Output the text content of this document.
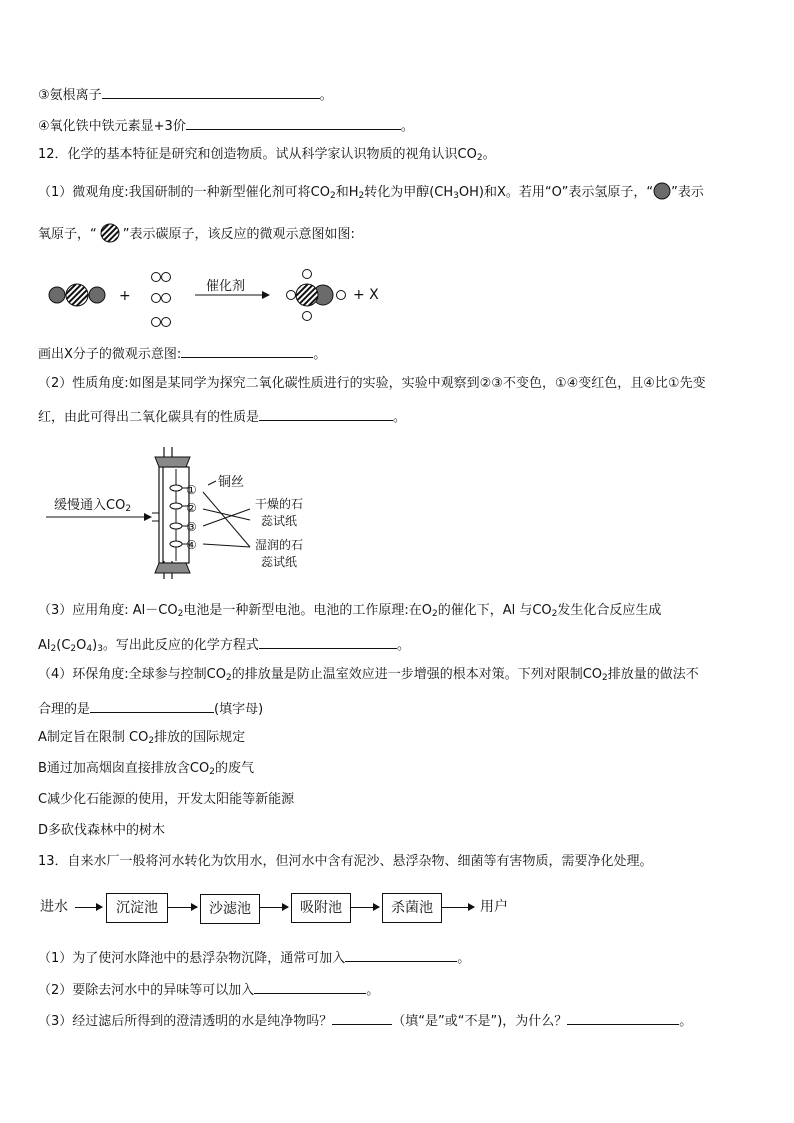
③氨根离子	。
④氧化铁中铁元素显+3价	。
12．化学的基本特征是研究和创造物质。试从科学家认识物质的视角认识$CO_2$。
（1）微观角度:我国研制的一种新型催化剂可将$CO_2$和$H_2$转化为甲醇$(CH_3OH)$和X。若用“O”表示氢原子，“ ”表示
氧原子，“ ”表示碳原子，该反应的微观示意图如图:
+
催化剂
+ X
画出X分子的微观示意图:	。
（2）性质角度:如图是某同学为探究二氧化碳性质进行的实验，实验中观察到②③不变色，①④变红色，且④比①先变
红，由此可得出二氧化碳具有的性质是	。
缓慢通入$CO_2$
①
②
③
④
铜丝
干燥的石
蕊试纸
湿润的石
蕊试纸
（3）应用角度: $Al-CO_2$电池是一种新型电池。电池的工作原理:在$O_2$的催化下，Al 与$CO_2$发生化合反应生成
$Al_2(C_2O_4)_3$。写出此反应的化学方程式	。
（4）环保角度:全球参与控制$CO_2$的排放量是防止温室效应进一步增强的根本对策。下列对限制$CO_2$排放量的做法不
合理的是	(填字母)
A制定旨在限制 $CO_2$排放的国际规定
B通过加高烟囱直接排放含$CO_2$的废气
C减少化石能源的使用，开发太阳能等新能源
D多砍伐森林中的树木
13．自来水厂一般将河水转化为饮用水，但河水中含有泥沙、悬浮杂物、细菌等有害物质，需要净化处理。
进水	沉淀池	沙滤池	吸附池	杀菌池	用户
（1）为了使河水降池中的悬浮杂物沉降，通常可加入	。
（2）要除去河水中的异味等可以加入	。
（3）经过滤后所得到的澄清透明的水是纯净物吗？	（填“是”或“不是”)，为什么？	。
